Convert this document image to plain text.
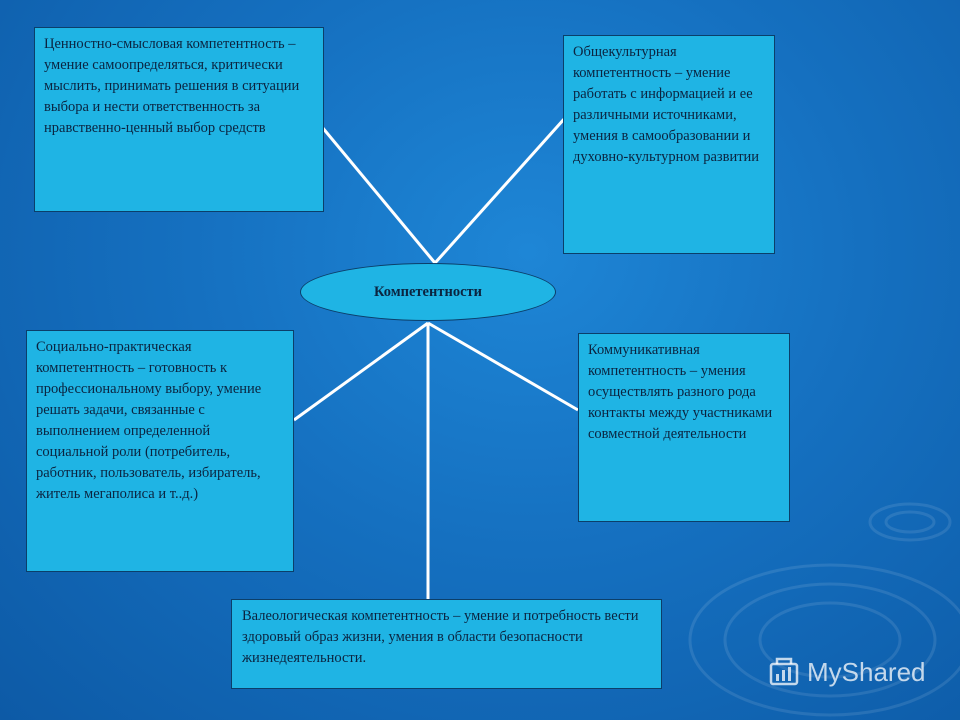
Ценностно-смысловая компетентность – умение самоопределяться, критически мыслить, принимать решения в ситуации выбора и нести ответственность за нравственно-ценный выбор средств
Общекультурная компетентность – умение работать с информацией и ее различными источниками, умения в самообразовании и духовно-культурном развитии
Компетентности
Социально-практическая компетентность – готовность к профессиональному выбору, умение решать задачи, связанные с выполнением определенной социальной роли (потребитель, работник, пользователь, избиратель, житель мегаполиса и т..д.)
Коммуникативная компетентность – умения осуществлять разного рода контакты между участниками совместной деятельности
Валеологическая компетентность – умение и потребность вести здоровый образ жизни, умения в области безопасности жизнедеятельности.	MyShared
